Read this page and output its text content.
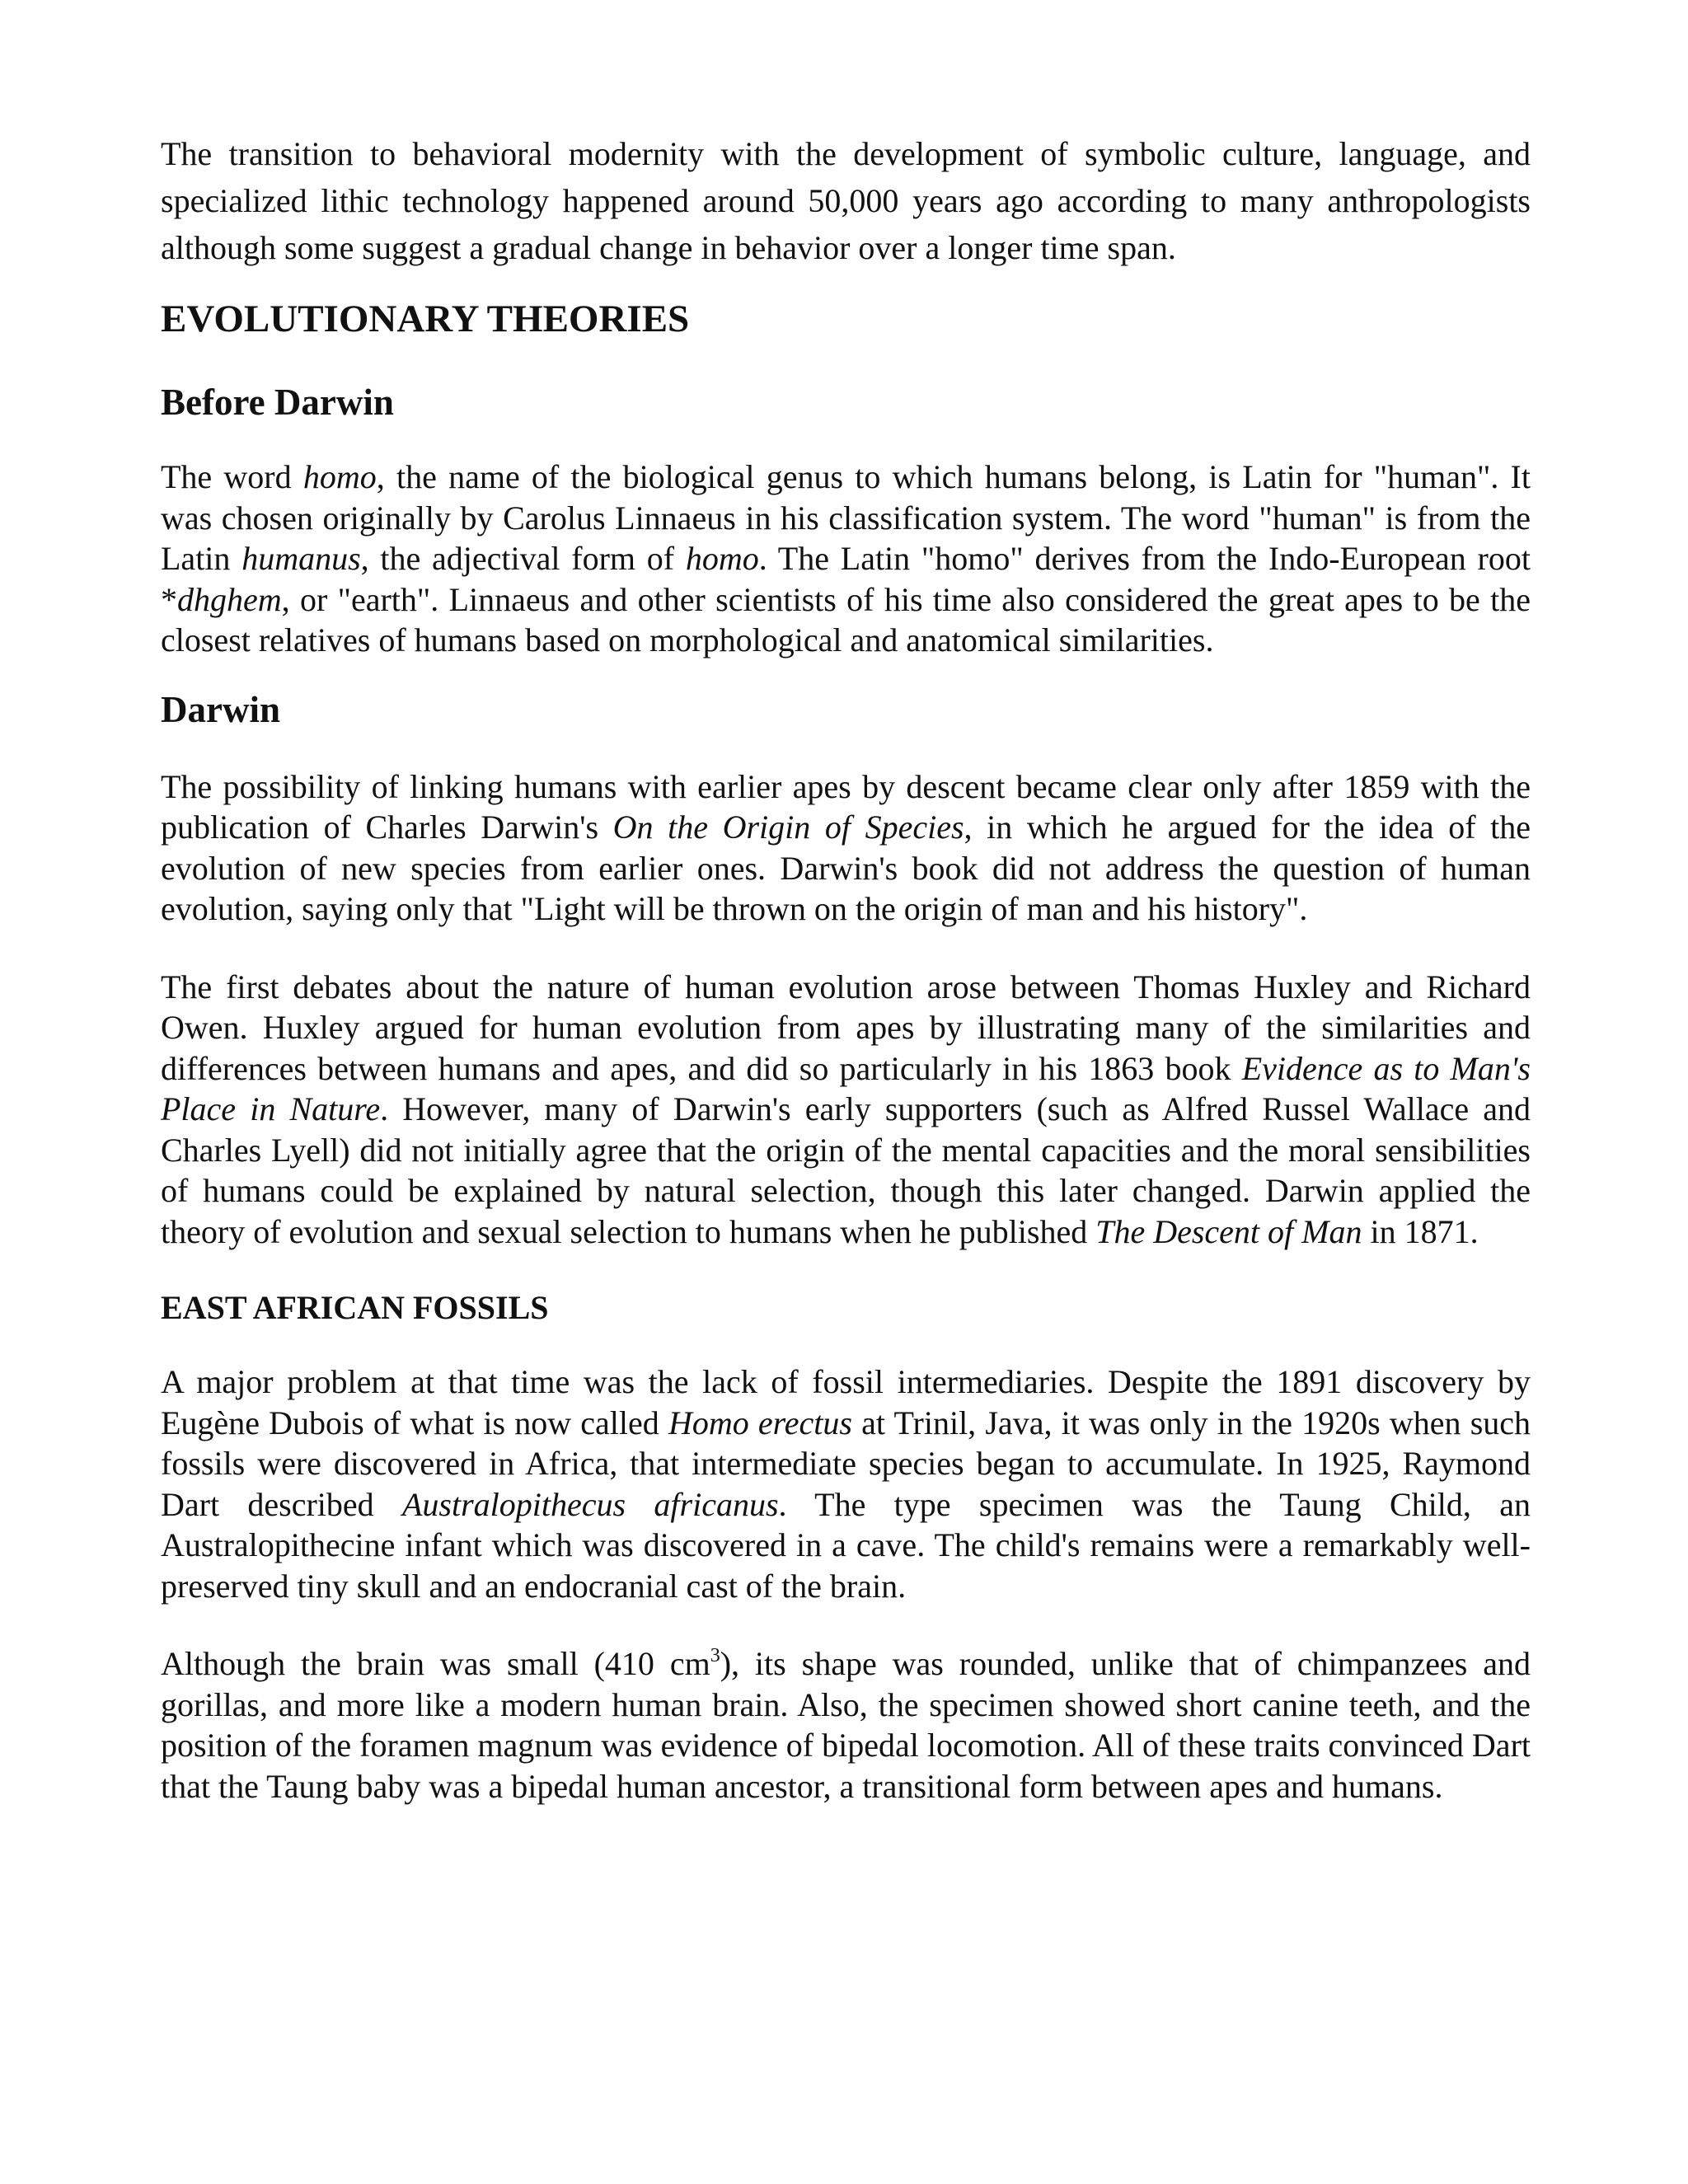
The transition to behavioral modernity with the development of symbolic culture, language, and specialized lithic technology happened around 50,000 years ago according to many anthropologists although some suggest a gradual change in behavior over a longer time span.

EVOLUTIONARY THEORIES
Before Darwin

The word homo, the name of the biological genus to which humans belong, is Latin for "human". It was chosen originally by Carolus Linnaeus in his classification system. The word "human" is from the Latin humanus, the adjectival form of homo. The Latin "homo" derives from the Indo-European root *dhghem, or "earth". Linnaeus and other scientists of his time also considered the great apes to be the closest relatives of humans based on morphological and anatomical similarities.

Darwin

The possibility of linking humans with earlier apes by descent became clear only after 1859 with the publication of Charles Darwin's On the Origin of Species, in which he argued for the idea of the evolution of new species from earlier ones. Darwin's book did not address the question of human evolution, saying only that "Light will be thrown on the origin of man and his history".

The first debates about the nature of human evolution arose between Thomas Huxley and Richard Owen. Huxley argued for human evolution from apes by illustrating many of the similarities and differences between humans and apes, and did so particularly in his 1863 book Evidence as to Man's Place in Nature. However, many of Darwin's early supporters (such as Alfred Russel Wallace and Charles Lyell) did not initially agree that the origin of the mental capacities and the moral sensibilities of humans could be explained by natural selection, though this later changed. Darwin applied the theory of evolution and sexual selection to humans when he published The Descent of Man in 1871.

EAST AFRICAN FOSSILS

A major problem at that time was the lack of fossil intermediaries. Despite the 1891 discovery by Eugène Dubois of what is now called Homo erectus at Trinil, Java, it was only in the 1920s when such fossils were discovered in Africa, that intermediate species began to accumulate. In 1925, Raymond Dart described Australopithecus africanus. The type specimen was the Taung Child, an Australopithecine infant which was discovered in a cave. The child's remains were a remarkably well-preserved tiny skull and an endocranial cast of the brain.

Although the brain was small (410 $cm^3$), its shape was rounded, unlike that of chimpanzees and gorillas, and more like a modern human brain. Also, the specimen showed short canine teeth, and the position of the foramen magnum was evidence of bipedal locomotion. All of these traits convinced Dart that the Taung baby was a bipedal human ancestor, a transitional form between apes and humans.
